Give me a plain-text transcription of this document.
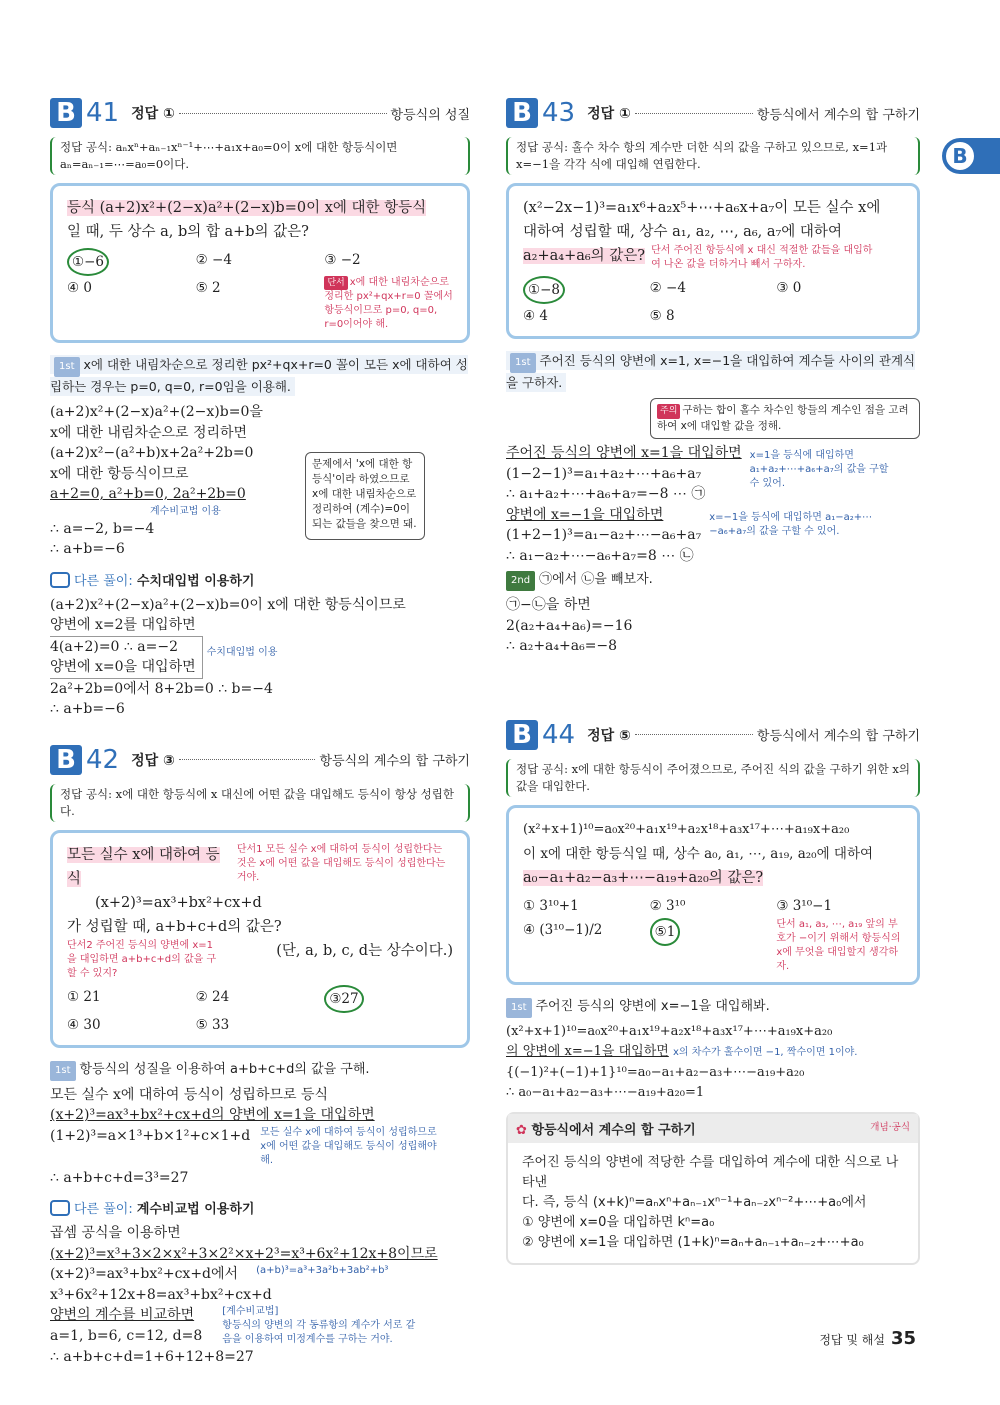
B
B 41 정답 ①	항등식의 성질
정답 공식: aₙxⁿ+aₙ₋₁xⁿ⁻¹+⋯+a₁x+a₀=0이 x에 대한 항등식이면 aₙ=aₙ₋₁=⋯=a₀=0이다.
등식 (a+2)x²+(2−x)a²+(2−x)b=0이 x에 대한 항등식
일 때, 두 상수 a, b의 합 a+b의 값은?
①−6	② −4	③ −2
④ 0	⑤ 2	단서 x에 대한 내림차순으로 정리한 px²+qx+r=0 꼴에서 항등식이므로 p=0, q=0, r=0이어야 해.
1st x에 대한 내림차순으로 정리한 px²+qx+r=0 꼴이 모든 x에 대하여 성립하는 경우는 p=0, q=0, r=0임을 이용해.
(a+2)x²+(2−x)a²+(2−x)b=0을
x에 대한 내림차순으로 정리하면
(a+2)x²−(a²+b)x+2a²+2b=0
x에 대한 항등식이므로
a+2=0, a²+b=0, 2a²+2b=0
계수비교법 이용
∴ a=−2, b=−4
∴ a+b=−6
문제에서 'x에 대한 항등식'이라 하였으므로 x에 대한 내림차순으로 정리하여 (계수)=0이 되는 값들을 찾으면 돼.
다른 풀이: 수치대입법 이용하기
(a+2)x²+(2−x)a²+(2−x)b=0이 x에 대한 항등식이므로
양변에 x=2를 대입하면
4(a+2)=0 ∴ a=−2
양변에 x=0을 대입하면
수치대입법 이용
2a²+2b=0에서 8+2b=0 ∴ b=−4
∴ a+b=−6
B 42 정답 ③	항등식의 계수의 합 구하기
정답 공식: x에 대한 항등식에 x 대신에 어떤 값을 대입해도 등식이 항상 성립한다.
모든 실수 x에 대하여 등식
단서1 모든 실수 x에 대하여 등식이 성립한다는 것은 x에 어떤 값을 대입해도 등식이 성립한다는 거야.
(x+2)³=ax³+bx²+cx+d
가 성립할 때, a+b+c+d의 값은?
단서2 주어진 등식의 양변에 x=1을 대입하면 a+b+c+d의 값을 구할 수 있지?
(단, a, b, c, d는 상수이다.)
① 21	② 24	③27
④ 30	⑤ 33
1st 항등식의 성질을 이용하여 a+b+c+d의 값을 구해.
모든 실수 x에 대하여 등식이 성립하므로 등식
(x+2)³=ax³+bx²+cx+d의 양변에 x=1을 대입하면
(1+2)³=a×1³+b×1²+c×1+d 모든 실수 x에 대하여 등식이 성립하므로 x에 어떤 값을 대입해도 등식이 성립해야 해.
∴ a+b+c+d=3³=27
다른 풀이: 계수비교법 이용하기
곱셈 공식을 이용하면
(x+2)³=x³+3×2×x²+3×2²×x+2³=x³+6x²+12x+8이므로
(x+2)³=ax³+bx²+cx+d에서 (a+b)³=a³+3a²b+3ab²+b³
x³+6x²+12x+8=ax³+bx²+cx+d
양변의 계수를 비교하면
a=1, b=6, c=12, d=8
[계수비교법]
항등식의 양변의 각 동류항의 계수가 서로 같음을 이용하여 미정계수를 구하는 거야.
∴ a+b+c+d=1+6+12+8=27
B 43 정답 ①	항등식에서 계수의 합 구하기
정답 공식: 홀수 차수 항의 계수만 더한 식의 값을 구하고 있으므로, x=1과 x=−1을 각각 식에 대입해 연립한다.
(x²−2x−1)³=a₁x⁶+a₂x⁵+⋯+a₆x+a₇이 모든 실수 x에
대하여 성립할 때, 상수 a₁, a₂, ⋯, a₆, a₇에 대하여
a₂+a₄+a₆의 값은? 단서 주어진 항등식에 x 대신 적절한 값들을 대입하여 나온 값을 더하거나 빼서 구하자.
①−8	② −4	③ 0
④ 4	⑤ 8
1st 주어진 등식의 양변에 x=1, x=−1을 대입하여 계수들 사이의 관계식을 구하자.
주의 구하는 합이 홀수 차수인 항들의 계수인 점을 고려하여 x에 대입할 값을 정해.
주어진 등식의 양변에 x=1을 대입하면
(1−2−1)³=a₁+a₂+⋯+a₆+a₇
∴ a₁+a₂+⋯+a₆+a₇=−8 ⋯ ㉠
x=1을 등식에 대입하면 a₁+a₂+⋯+a₆+a₇의 값을 구할 수 있어.
양변에 x=−1을 대입하면
(1+2−1)³=a₁−a₂+⋯−a₆+a₇
∴ a₁−a₂+⋯−a₆+a₇=8 ⋯ ㉡
x=−1을 등식에 대입하면 a₁−a₂+⋯−a₆+a₇의 값을 구할 수 있어.
2nd ㉠에서 ㉡을 빼보자.
㉠−㉡을 하면
2(a₂+a₄+a₆)=−16
∴ a₂+a₄+a₆=−8
B 44 정답 ⑤	항등식에서 계수의 합 구하기
정답 공식: x에 대한 항등식이 주어졌으므로, 주어진 식의 값을 구하기 위한 x의 값을 대입한다.
(x²+x+1)¹⁰=a₀x²⁰+a₁x¹⁹+a₂x¹⁸+a₃x¹⁷+⋯+a₁₉x+a₂₀
이 x에 대한 항등식일 때, 상수 a₀, a₁, ⋯, a₁₉, a₂₀에 대하여
a₀−a₁+a₂−a₃+⋯−a₁₉+a₂₀의 값은?
① 3¹⁰+1	② 3¹⁰	③ 3¹⁰−1
④ (3¹⁰−1)/2	⑤1	단서 a₁, a₃, ⋯, a₁₉ 앞의 부호가 −이기 위해서 항등식의 x에 무엇을 대입할지 생각하자.
1st 주어진 등식의 양변에 x=−1을 대입해봐.
(x²+x+1)¹⁰=a₀x²⁰+a₁x¹⁹+a₂x¹⁸+a₃x¹⁷+⋯+a₁₉x+a₂₀
의 양변에 x=−1을 대입하면 x의 차수가 홀수이면 −1, 짝수이면 1이야.
{(−1)²+(−1)+1}¹⁰=a₀−a₁+a₂−a₃+⋯−a₁₉+a₂₀
∴ a₀−a₁+a₂−a₃+⋯−a₁₉+a₂₀=1
✿ 항등식에서 계수의 합 구하기	개념·공식
주어진 등식의 양변에 적당한 수를 대입하여 계수에 대한 식으로 나타낸
다. 즉, 등식 (x+k)ⁿ=aₙxⁿ+aₙ₋₁xⁿ⁻¹+aₙ₋₂xⁿ⁻²+⋯+a₀에서
① 양변에 x=0을 대입하면 kⁿ=a₀
② 양변에 x=1을 대입하면 (1+k)ⁿ=aₙ+aₙ₋₁+aₙ₋₂+⋯+a₀
정답 및 해설 35
